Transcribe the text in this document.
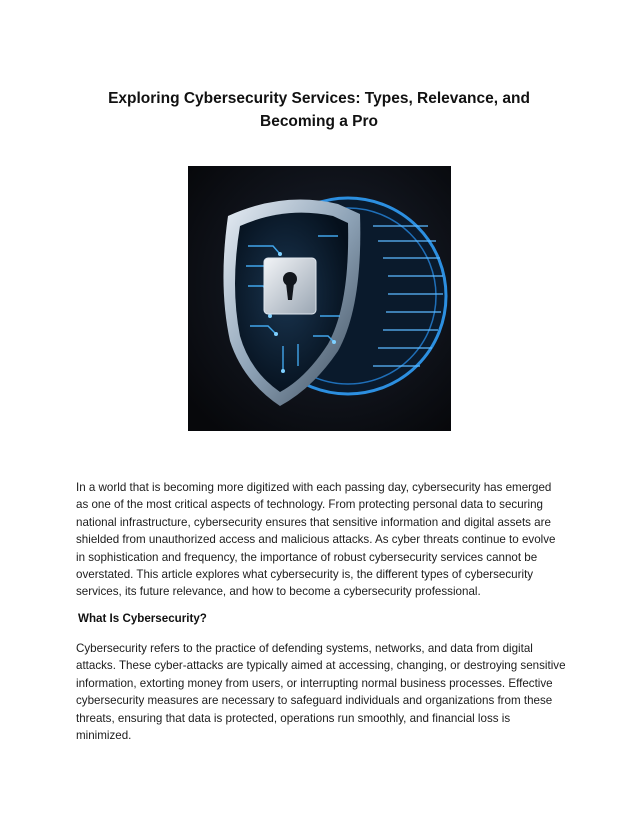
Exploring Cybersecurity Services: Types, Relevance, and Becoming a Pro

In a world that is becoming more digitized with each passing day, cybersecurity has emerged as one of the most critical aspects of technology. From protecting personal data to securing national infrastructure, cybersecurity ensures that sensitive information and digital assets are shielded from unauthorized access and malicious attacks. As cyber threats continue to evolve in sophistication and frequency, the importance of robust cybersecurity services cannot be overstated. This article explores what cybersecurity is, the different types of cybersecurity services, its future relevance, and how to become a cybersecurity professional.

What Is Cybersecurity?

Cybersecurity refers to the practice of defending systems, networks, and data from digital attacks. These cyber-attacks are typically aimed at accessing, changing, or destroying sensitive information, extorting money from users, or interrupting normal business processes. Effective cybersecurity measures are necessary to safeguard individuals and organizations from these threats, ensuring that data is protected, operations run smoothly, and financial loss is minimized.
